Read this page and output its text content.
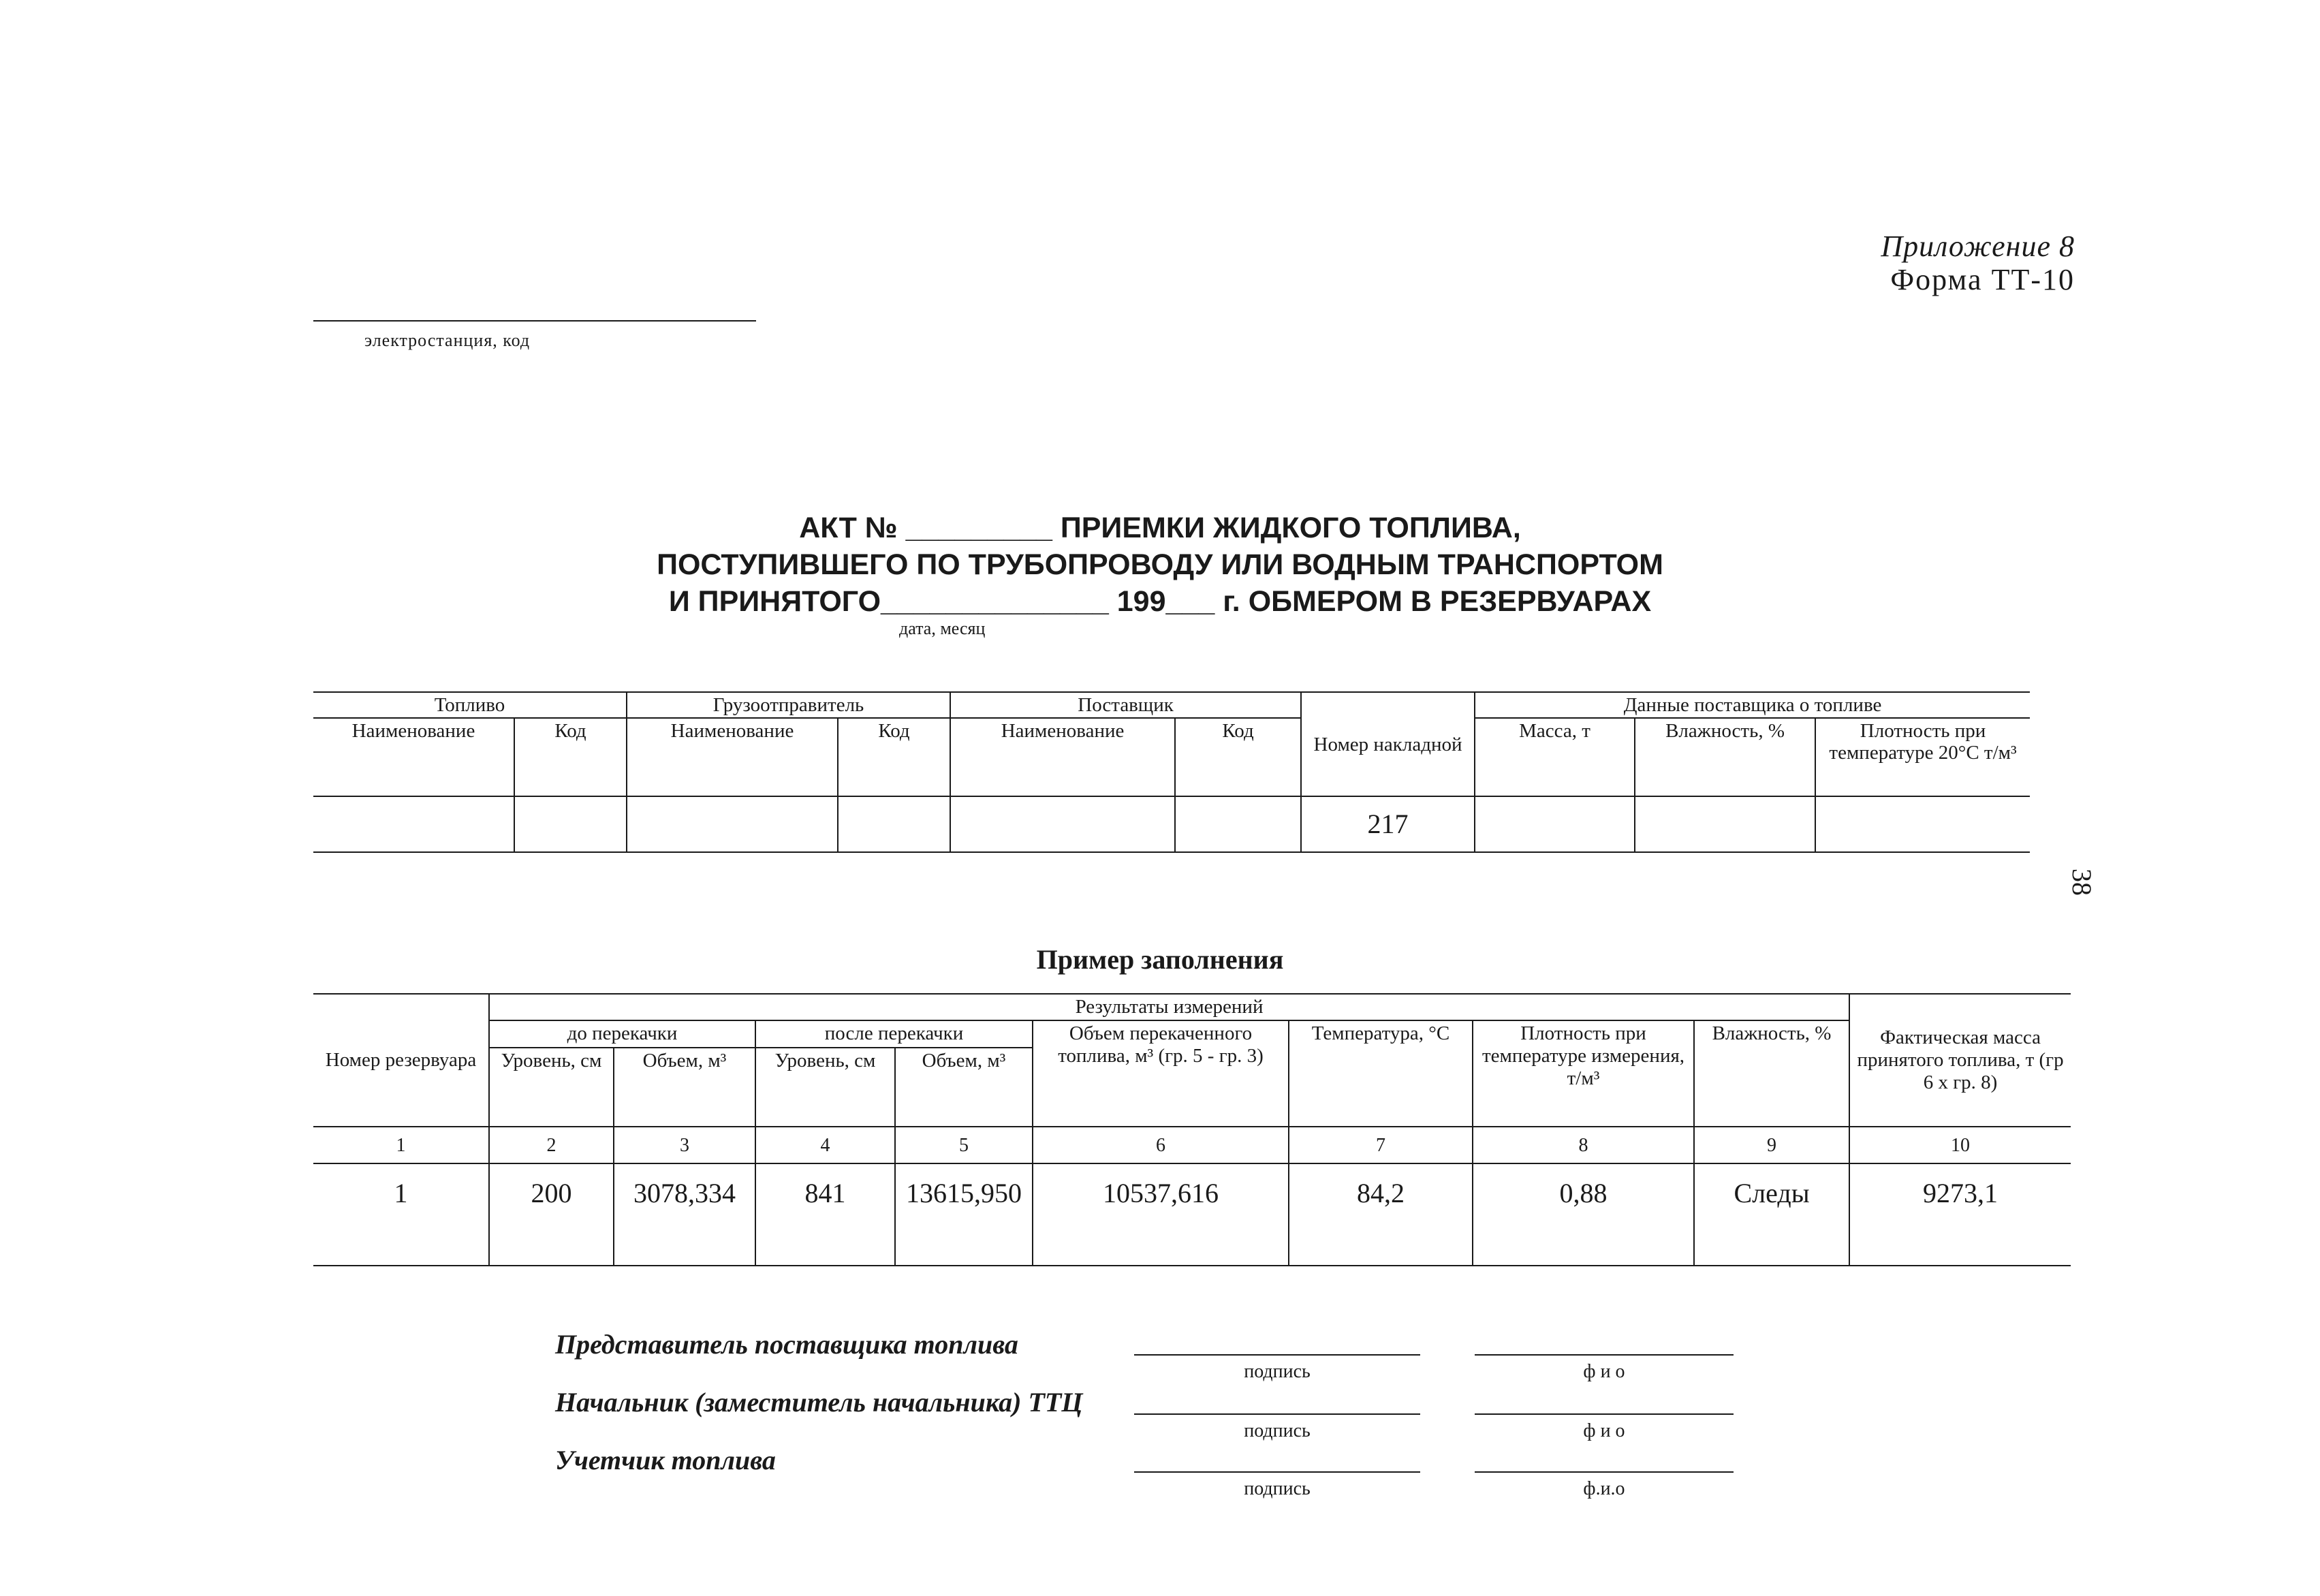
Приложение 8
Форма ТТ-10
электростанция, код
АКТ № _________ ПРИЕМКИ ЖИДКОГО ТОПЛИВА,
ПОСТУПИВШЕГО ПО ТРУБОПРОВОДУ ИЛИ ВОДНЫМ ТРАНСПОРТОМ
И ПРИНЯТОГО______________ 199___ г. ОБМЕРОМ В РЕЗЕРВУАРАХ
дата, месяц
Топливо		Грузоотправитель		Поставщик		Номер накладной	Данные поставщика о топливе		
Наименование	Код	Наименование	Код	Наименование	Код		Масса, т	Влажность, %	Плотность при температуре 20°С т/м³
						217			
38
Пример заполнения
Номер резервуара	Результаты измерений								Фактическая масса принятого топлива, т (гр 6 х гр. 8)
	до перекачки		после перекачки		Объем перекаченного топлива, м³ (гр. 5 - гр. 3)	Температура, °С	Плотность при температуре измерения, т/м³	Влажность, %	
	Уровень, см	Объем, м³	Уровень, см	Объем, м³					
1	2	3	4	5	6	7	8	9	10
1	200	3078,334	841	13615,950	10537,616	84,2	0,88	Следы	9273,1
Представитель поставщика топлива
подпись	ф и о
Начальник (заместитель начальника) ТТЦ
подпись	ф и о
Учетчик топлива
подпись	ф.и.о
